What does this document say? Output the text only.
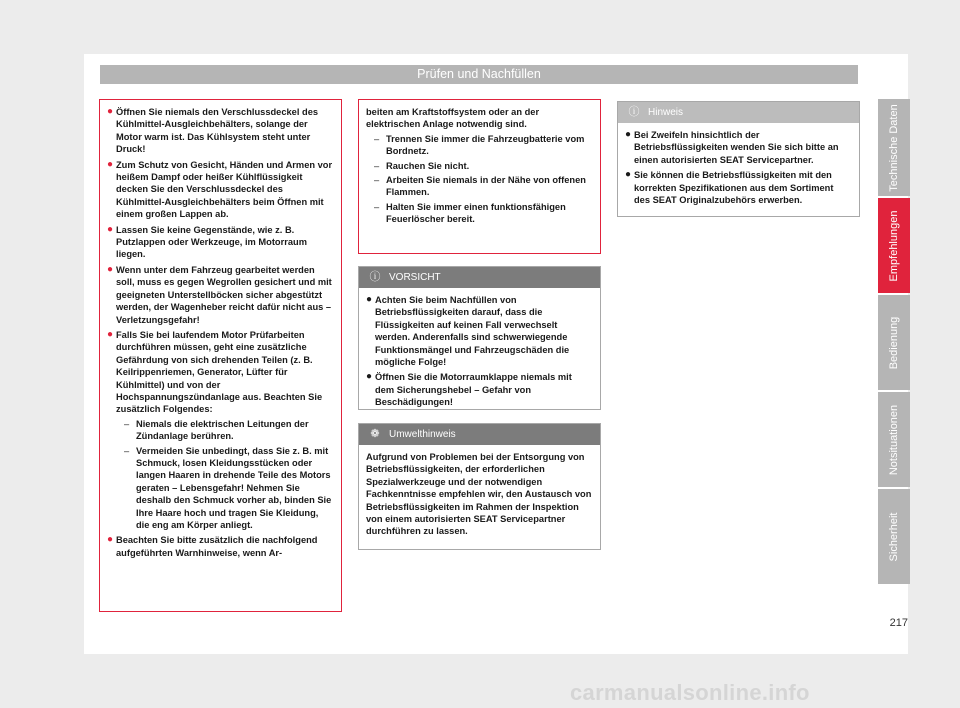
Prüfen und Nachfüllen
● Öffnen Sie niemals den Verschlussdeckel des Kühlmittel-Ausgleichbehälters, solange der Motor warm ist. Das Kühlsystem steht unter Druck!
● Zum Schutz von Gesicht, Händen und Armen vor heißem Dampf oder heißer Kühlflüssigkeit decken Sie den Verschlussdeckel des Kühlmittel-Ausgleichbehälters beim Öffnen mit einem großen Lappen ab.
● Lassen Sie keine Gegenstände, wie z. B. Putzlappen oder Werkzeuge, im Motorraum liegen.
● Wenn unter dem Fahrzeug gearbeitet werden soll, muss es gegen Wegrollen gesichert und mit geeigneten Unterstellböcken sicher abgestützt werden, der Wagenheber reicht dafür nicht aus – Verletzungsgefahr!
● Falls Sie bei laufendem Motor Prüfarbeiten durchführen müssen, geht eine zusätzliche Gefährdung von sich drehenden Teilen (z. B. Keilrippenriemen, Generator, Lüfter für Kühlmittel) und von der Hochspannungszündanlage aus. Beachten Sie zusätzlich Folgendes:
– Niemals die elektrischen Leitungen der Zündanlage berühren.
– Vermeiden Sie unbedingt, dass Sie z. B. mit Schmuck, losen Kleidungsstücken oder langen Haaren in drehende Teile des Motors geraten – Lebensgefahr! Nehmen Sie deshalb den Schmuck vorher ab, binden Sie Ihre Haare hoch und tragen Sie Kleidung, die eng am Körper anliegt.
● Beachten Sie bitte zusätzlich die nachfolgend aufgeführten Warnhinweise, wenn Ar-
beiten am Kraftstoffsystem oder an der elektrischen Anlage notwendig sind.
– Trennen Sie immer die Fahrzeugbatterie vom Bordnetz.
– Rauchen Sie nicht.
– Arbeiten Sie niemals in der Nähe von offenen Flammen.
– Halten Sie immer einen funktionsfähigen Feuerlöscher bereit.
ⓘ VORSICHT
● Achten Sie beim Nachfüllen von Betriebsflüssigkeiten darauf, dass die Flüssigkeiten auf keinen Fall verwechselt werden. Anderenfalls sind schwerwiegende Funktionsmängel und Fahrzeugschäden die mögliche Folge!
● Öffnen Sie die Motorraumklappe niemals mit dem Sicherungshebel – Gefahr von Beschädigungen!
❁ Umwelthinweis
Aufgrund von Problemen bei der Entsorgung von Betriebsflüssigkeiten, der erforderlichen Spezialwerkzeuge und der notwendigen Fachkenntnisse empfehlen wir, den Austausch von Betriebsflüssigkeiten im Rahmen der Inspektion von einem autorisierten SEAT Servicepartner durchführen zu lassen.
ⓘ Hinweis
● Bei Zweifeln hinsichtlich der Betriebsflüssigkeiten wenden Sie sich bitte an einen autorisierten SEAT Servicepartner.
● Sie können die Betriebsflüssigkeiten mit den korrekten Spezifikationen aus dem Sortiment des SEAT Originalzubehörs erwerben.
Technische Daten
Empfehlungen
Bedienung
Notsituationen
Sicherheit
217
carmanualsonline.info
